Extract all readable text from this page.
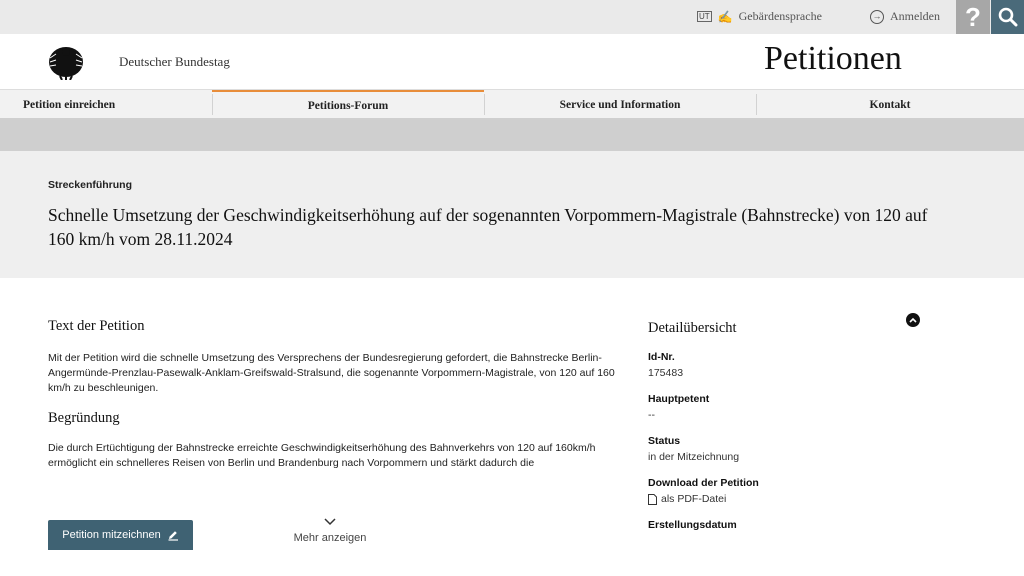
UT ✍ Gebärdensprache	→ Anmelden ?
Deutscher Bundestag	Petitionen
Petition einreichen	Petitions-Forum	Service und Information	Kontakt
Streckenführung
Schnelle Umsetzung der Geschwindigkeitserhöhung auf der sogenannten Vorpommern-Magistrale (Bahnstrecke) von 120 auf 160 km/h vom 28.11.2024
Text der Petition

Mit der Petition wird die schnelle Umsetzung des Versprechens der Bundesregierung gefordert, die Bahnstrecke Berlin-Angermünde-Prenzlau-Pasewalk-Anklam-Greifswald-Stralsund, die sogenannte Vorpommern-Magistrale, von 120 auf 160 km/h zu beschleunigen.

Begründung

Die durch Ertüchtigung der Bahnstrecke erreichte Geschwindigkeitserhöhung des Bahnverkehrs von 120 auf 160km/h ermöglicht ein schnelleres Reisen von Berlin und Brandenburg nach Vorpommern und stärkt dadurch die

Petition mitzeichnen	Mehr anzeigen
Detailübersicht
Id-Nr.
175483
Hauptpetent
--
Status
in der Mitzeichnung
Download der Petition
als PDF-Datei
Erstellungsdatum
